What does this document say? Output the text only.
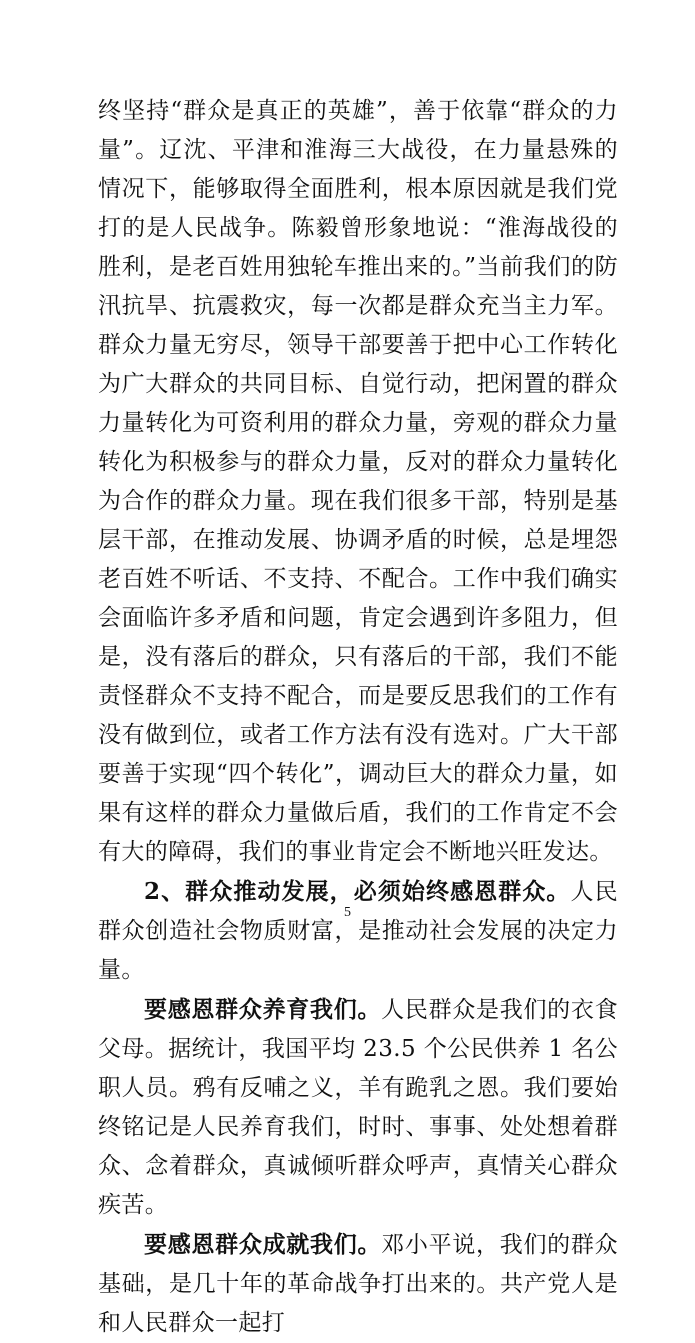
终坚持“群众是真正的英雄”，善于依靠“群众的力量”。辽沈、平津和淮海三大战役，在力量悬殊的情况下，能够取得全面胜利，根本原因就是我们党打的是人民战争。陈毅曾形象地说：“淮海战役的胜利，是老百姓用独轮车推出来的。”当前我们的防汛抗旱、抗震救灾，每一次都是群众充当主力军。群众力量无穷尽，领导干部要善于把中心工作转化为广大群众的共同目标、自觉行动，把闲置的群众力量转化为可资利用的群众力量，旁观的群众力量转化为积极参与的群众力量，反对的群众力量转化为合作的群众力量。现在我们很多干部，特别是基层干部，在推动发展、协调矛盾的时候，总是埋怨老百姓不听话、不支持、不配合。工作中我们确实会面临许多矛盾和问题，肯定会遇到许多阻力，但是，没有落后的群众，只有落后的干部，我们不能责怪群众不支持不配合，而是要反思我们的工作有没有做到位，或者工作方法有没有选对。广大干部要善于实现“四个转化”，调动巨大的群众力量，如果有这样的群众力量做后盾，我们的工作肯定不会有大的障碍，我们的事业肯定会不断地兴旺发达。

2、群众推动发展，必须始终感恩群众。人民群众创造社会物质财富，是推动社会发展的决定力量。

要感恩群众养育我们。人民群众是我们的衣食父母。据统计，我国平均 23.5 个公民供养 1 名公职人员。鸦有反哺之义，羊有跪乳之恩。我们要始终铭记是人民养育我们，时时、事事、处处想着群众、念着群众，真诚倾听群众呼声，真情关心群众疾苦。

要感恩群众成就我们。邓小平说，我们的群众基础，是几十年的革命战争打出来的。共产党人是和人民群众一起打

5
